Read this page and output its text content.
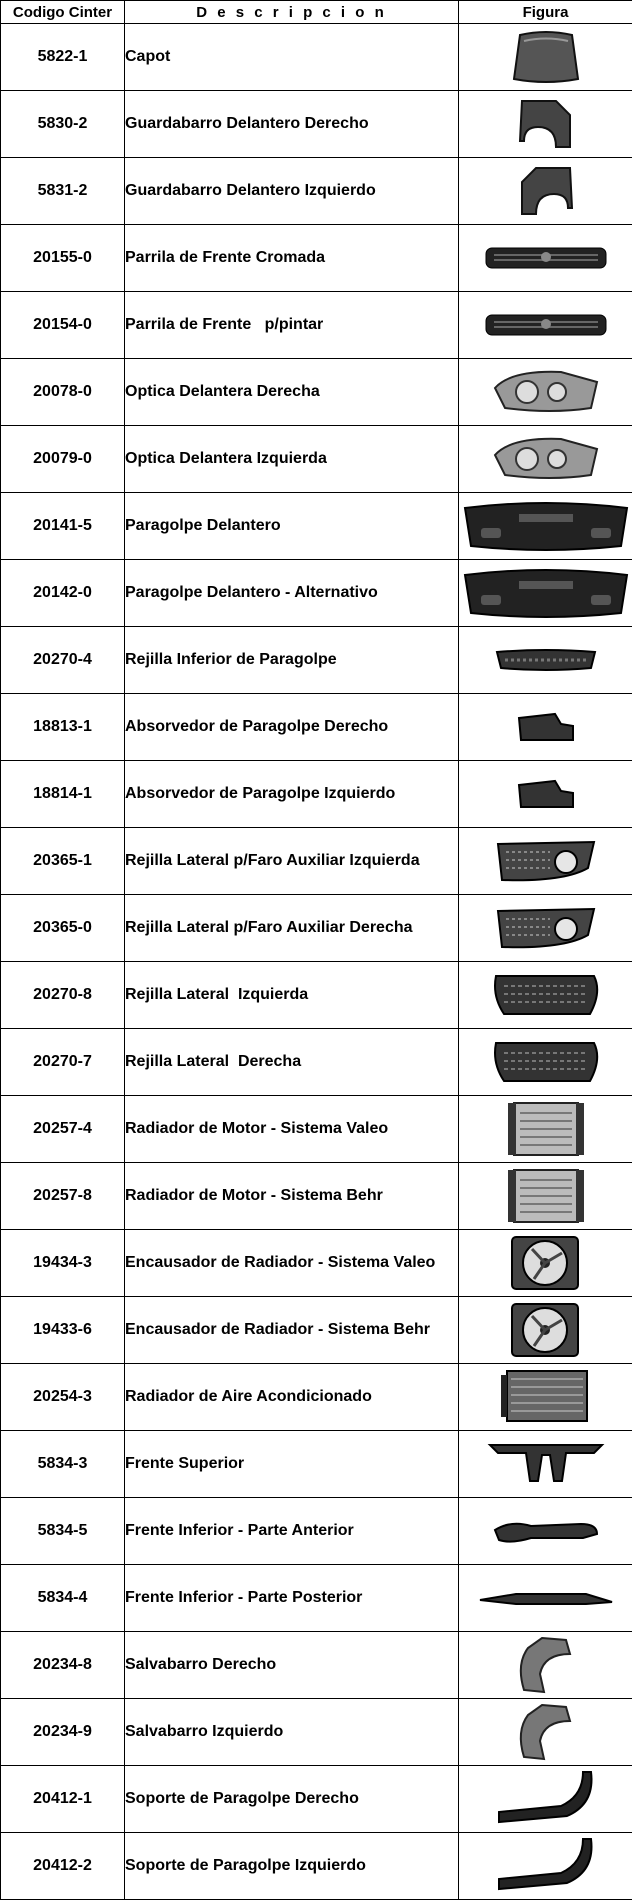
Codigo Cinter	D e s c r i p c i o n	Figura
5822-1	Capot	

5830-2	Guardabarro Delantero Derecho	

5831-2	Guardabarro Delantero Izquierdo	

20155-0	Parrila de Frente Cromada	

20154-0	Parrila de Frente   p/pintar	

20078-0	Optica Delantera Derecha	

20079-0	Optica Delantera Izquierda	

20141-5	Paragolpe Delantero	

20142-0	Paragolpe Delantero - Alternativo	

20270-4	Rejilla Inferior de Paragolpe	

18813-1	Absorvedor de Paragolpe Derecho	

18814-1	Absorvedor de Paragolpe Izquierdo	

20365-1	Rejilla Lateral p/Faro Auxiliar Izquierda	

20365-0	Rejilla Lateral p/Faro Auxiliar Derecha	

20270-8	Rejilla Lateral  Izquierda	

20270-7	Rejilla Lateral  Derecha	

20257-4	Radiador de Motor - Sistema Valeo	

20257-8	Radiador de Motor - Sistema Behr	

19434-3	Encausador de Radiador - Sistema Valeo	

19433-6	Encausador de Radiador - Sistema Behr	

20254-3	Radiador de Aire Acondicionado	

5834-3	Frente Superior	

5834-5	Frente Inferior - Parte Anterior	

5834-4	Frente Inferior - Parte Posterior	

20234-8	Salvabarro Derecho	

20234-9	Salvabarro Izquierdo	

20412-1	Soporte de Paragolpe Derecho	

20412-2	Soporte de Paragolpe Izquierdo	
